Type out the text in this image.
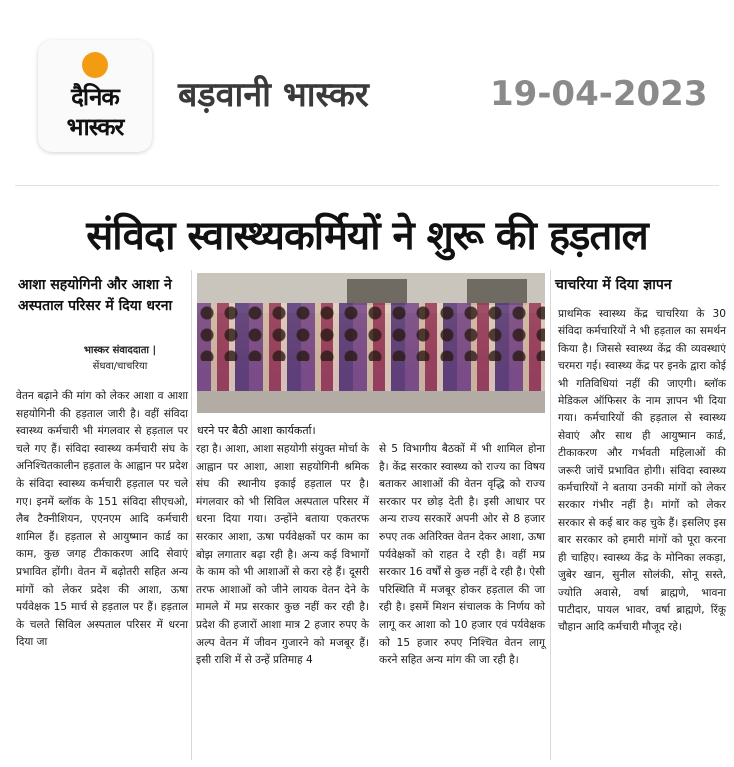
दैनिक
भास्कर
बड़वानी भास्कर	19-04-2023
संविदा स्वास्थ्यकर्मियों ने शुरू की हड़ताल
आशा सहयोगिनी और आशा ने अस्पताल परिसर में दिया धरना
भास्कर संवाददाता |
सेंधवा/चाचरिया
धरने पर बैठी आशा कार्यकर्ता।
चाचरिया में दिया ज्ञापन

वेतन बढ़ाने की मांग को लेकर आशा व आशा सहयोगिनी की हड़ताल जारी है। वहीं संविदा स्वास्थ्य कर्मचारी भी मंगलवार से हड़ताल पर चले गए हैं। संविदा स्वास्थ्य कर्मचारी संघ के अनिश्चितकालीन हड़ताल के आह्वान पर प्रदेश के संविदा स्वास्थ्य कर्मचारी हड़ताल पर चले गए। इनमें ब्लॉक के 151 संविदा सीएचओ, लैब टैक्नीशियन, एएनएम आदि कर्मचारी शामिल हैं। हड़ताल से आयुष्मान कार्ड का काम, कुछ जगह टीकाकरण आदि सेवाएं प्रभावित होंगी। वेतन में बढ़ोतरी सहित अन्य मांगों को लेकर प्रदेश की आशा, ऊषा पर्यवेक्षक 15 मार्च से हड़ताल पर हैं। हड़ताल के चलते सिविल अस्पताल परिसर में धरना दिया जा

रहा है। आशा, आशा सहयोगी संयुक्त मोर्चा के आह्वान पर आशा, आशा सहयोगिनी श्रमिक संघ की स्थानीय इकाई हड़ताल पर है। मंगलवार को भी सिविल अस्पताल परिसर में धरना दिया गया। उन्होंने बताया एकतरफ सरकार आशा, ऊषा पर्यवेक्षकों पर काम का बोझ लगातार बढ़ा रही है। अन्य कई विभागों के काम को भी आशाओं से करा रहे हैं। दूसरी तरफ आशाओं को जीने लायक वेतन देने के मामले में मप्र सरकार कुछ नहीं कर रही है। प्रदेश की हजारों आशा मात्र 2 हजार रुपए के अल्प वेतन में जीवन गुजारने को मजबूर हैं। इसी राशि में से उन्हें प्रतिमाह 4

से 5 विभागीय बैठकों में भी शामिल होना है। केंद्र सरकार स्वास्थ्य को राज्य का विषय बताकर आशाओं की वेतन वृद्धि को राज्य सरकार पर छोड़ देती है। इसी आधार पर अन्य राज्य सरकारें अपनी ओर से 8 हजार रुपए तक अतिरिक्त वेतन देकर आशा, ऊषा पर्यवेक्षकों को राहत दे रही है। वहीं मप्र सरकार 16 वर्षों से कुछ नहीं दे रही है। ऐसी परिस्थिति में मजबूर होकर हड़ताल की जा रही है। इसमें मिशन संचालक के निर्णय को लागू कर आशा को 10 हजार एवं पर्यवेक्षक को 15 हजार रुपए निश्चित वेतन लागू करने सहित अन्य मांग की जा रही है।

प्राथमिक स्वास्थ्य केंद्र चाचरिया के 30 संविदा कर्मचारियों ने भी हड़ताल का समर्थन किया है। जिससे स्वास्थ्य केंद्र की व्यवस्थाएं चरमरा गई। स्वास्थ्य केंद्र पर इनके द्वारा कोई भी गतिविधियां नहीं की जाएगी। ब्लॉक मेडिकल ऑफिसर के नाम ज्ञापन भी दिया गया। कर्मचारियों की हड़ताल से स्वास्थ्य सेवाएं और साथ ही आयुष्मान कार्ड, टीकाकरण और गर्भवती महिलाओं की जरूरी जांचें प्रभावित होगी। संविदा स्वास्थ्य कर्मचारियों ने बताया उनकी मांगों को लेकर सरकार गंभीर नहीं है। मांगों को लेकर सरकार से कई बार कह चुके हैं। इसलिए इस बार सरकार को हमारी मांगों को पूरा करना ही चाहिए। स्वास्थ्य केंद्र के मोनिका लकड़ा, जुबेर खान, सुनील सोलंकी, सोनू सस्ते, ज्योति अवासे, वर्षा ब्राह्मणे, भावना पाटीदार, पायल भावर, वर्षा ब्राह्मणे, रिंकू चौहान आदि कर्मचारी मौजूद रहे।
